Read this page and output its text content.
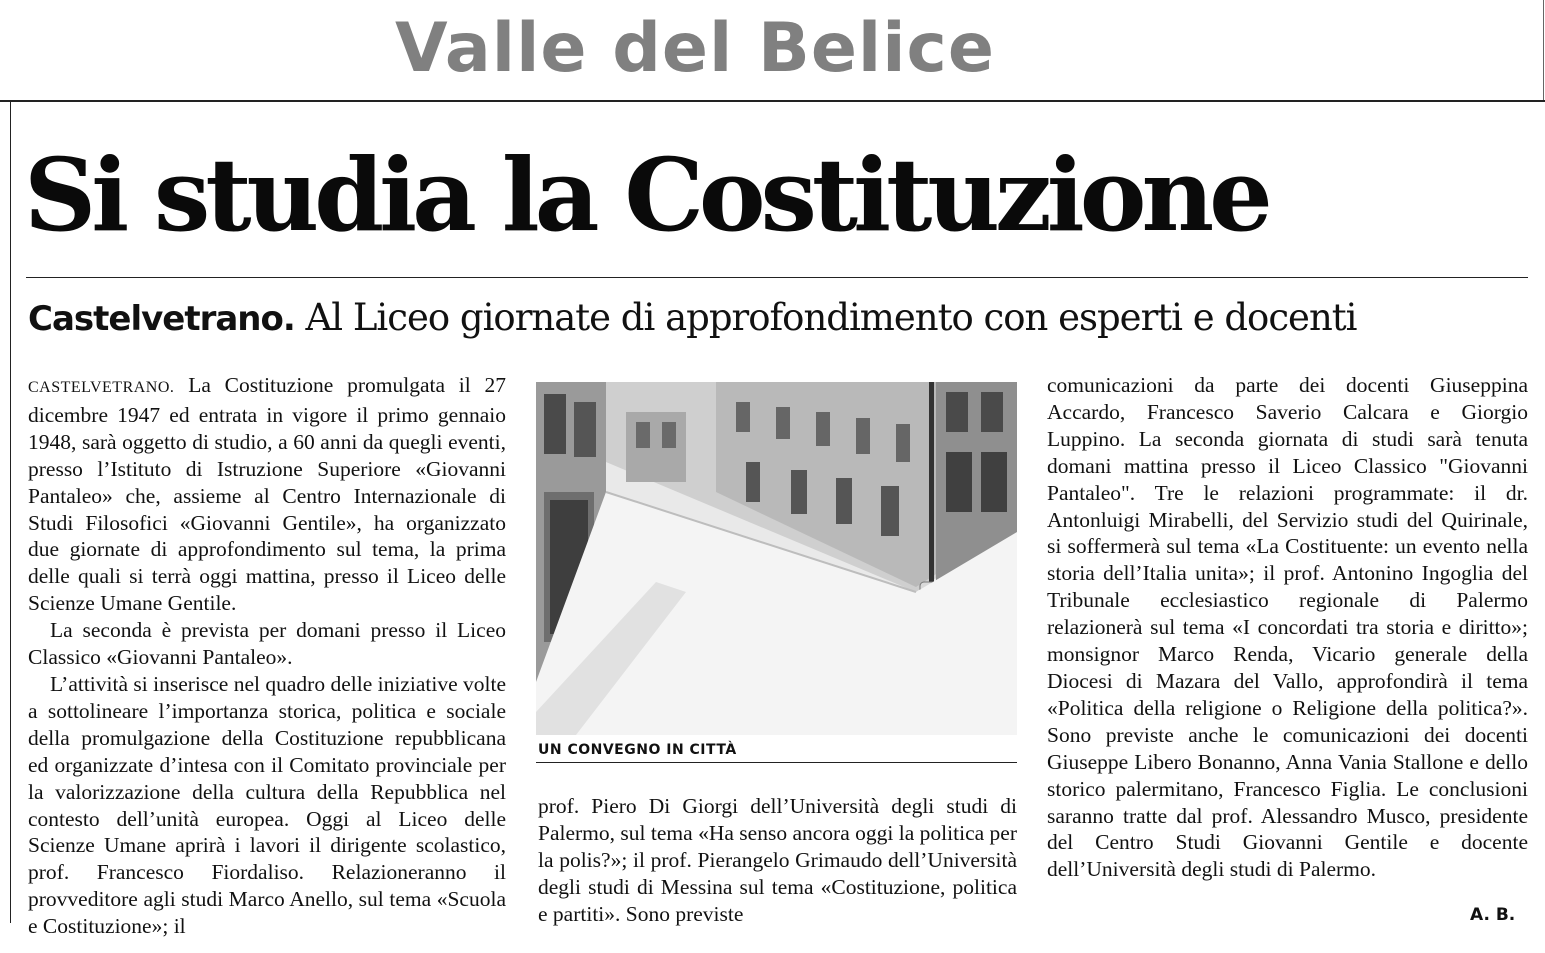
Valle del Belice
Si studia la Costituzione

Castelvetrano. Al Liceo giornate di approfondimento con esperti e docenti

CASTELVETRANO. La Costituzione promulgata il 27 dicembre 1947 ed entrata in vigore il primo gennaio 1948, sarà oggetto di studio, a 60 anni da quegli eventi, presso l’Istituto di Istruzione Superiore «Giovanni Pantaleo» che, assieme al Centro Internazionale di Studi Filosofici «Giovanni Gentile», ha organizzato due giornate di approfondimento sul tema, la prima delle quali si terrà oggi mattina, presso il Liceo delle Scienze Umane Gentile.

La seconda è prevista per domani presso il Liceo Classico «Giovanni Pantaleo».

L’attività si inserisce nel quadro delle iniziative volte a sottolineare l’importanza storica, politica e sociale della promulgazione della Costituzione repubblicana ed organizzate d’intesa con il Comitato provinciale per la valorizzazione della cultura della Repubblica nel contesto dell’unità europea. Oggi al Liceo delle Scienze Umane aprirà i lavori il dirigente scolastico, prof. Francesco Fiordaliso. Relazioneranno il provveditore agli studi Marco Anello, sul tema «Scuola e Costituzione»; il

UN CONVEGNO IN CITTÀ

prof. Piero Di Giorgi dell’Università degli studi di Palermo, sul tema «Ha senso ancora oggi la politica per la polis?»; il prof. Pierangelo Grimaudo dell’Università degli studi di Messina sul tema «Costituzione, politica e partiti». Sono previste

comunicazioni da parte dei docenti Giuseppina Accardo, Francesco Saverio Calcara e Giorgio Luppino. La seconda giornata di studi sarà tenuta domani mattina presso il Liceo Classico "Giovanni Pantaleo". Tre le relazioni programmate: il dr. Antonluigi Mirabelli, del Servizio studi del Quirinale, si soffermerà sul tema «La Costituente: un evento nella storia dell’Italia unita»; il prof. Antonino Ingoglia del Tribunale ecclesiastico regionale di Palermo relazionerà sul tema «I concordati tra storia e diritto»; monsignor Marco Renda, Vicario generale della Diocesi di Mazara del Vallo, approfondirà il tema «Politica della religione o Religione della politica?». Sono previste anche le comunicazioni dei docenti Giuseppe Libero Bonanno, Anna Vania Stallone e dello storico palermitano, Francesco Figlia. Le conclusioni saranno tratte dal prof. Alessandro Musco, presidente del Centro Studi Giovanni Gentile e docente dell’Università degli studi di Palermo.

A. B.
